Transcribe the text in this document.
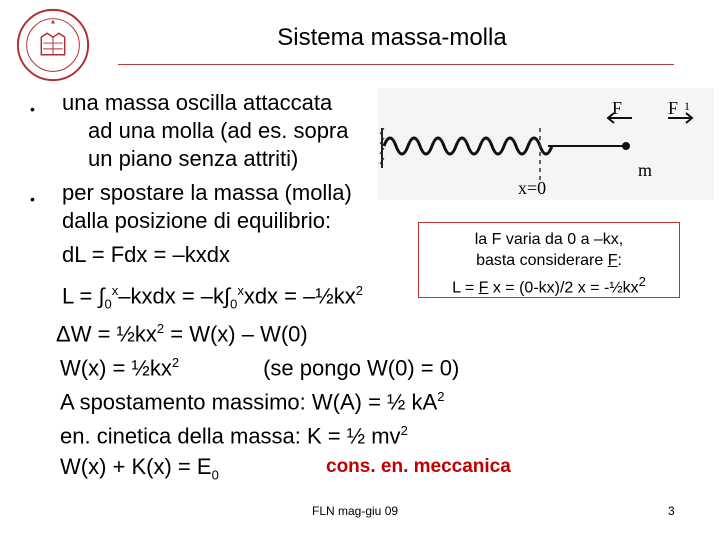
Sistema massa-molla
• una massa oscilla attaccata
ad una molla (ad es. sopra
un piano senza attriti)
• per spostare la massa (molla)
dalla posizione di equilibrio:
dL = Fdx = –kxdx
$L = \int_0^x$–kxdx = $-k\int_0^xxdx$ = $-\frac{1}{2}kx^2$
F	F 1
m
x=0
la F varia da 0 a –kx,
basta considerare F:
L = F x = (0-kx)/2 $x = -\frac{1}{2}kx^2$
$\Delta W = \frac{1}{2}kx^2 = W(x) - W(0)$
$W(x) = \frac{1}{2}kx^2$	(se pongo W(0) = 0)
A spostamento massimo: W(A) = ½ $kA^2$
en. cinetica della massa: K = ½ $mv^2$
$W(x) + K(x) = E_0$	cons. en. meccanica
FLN mag-giu 09	3
